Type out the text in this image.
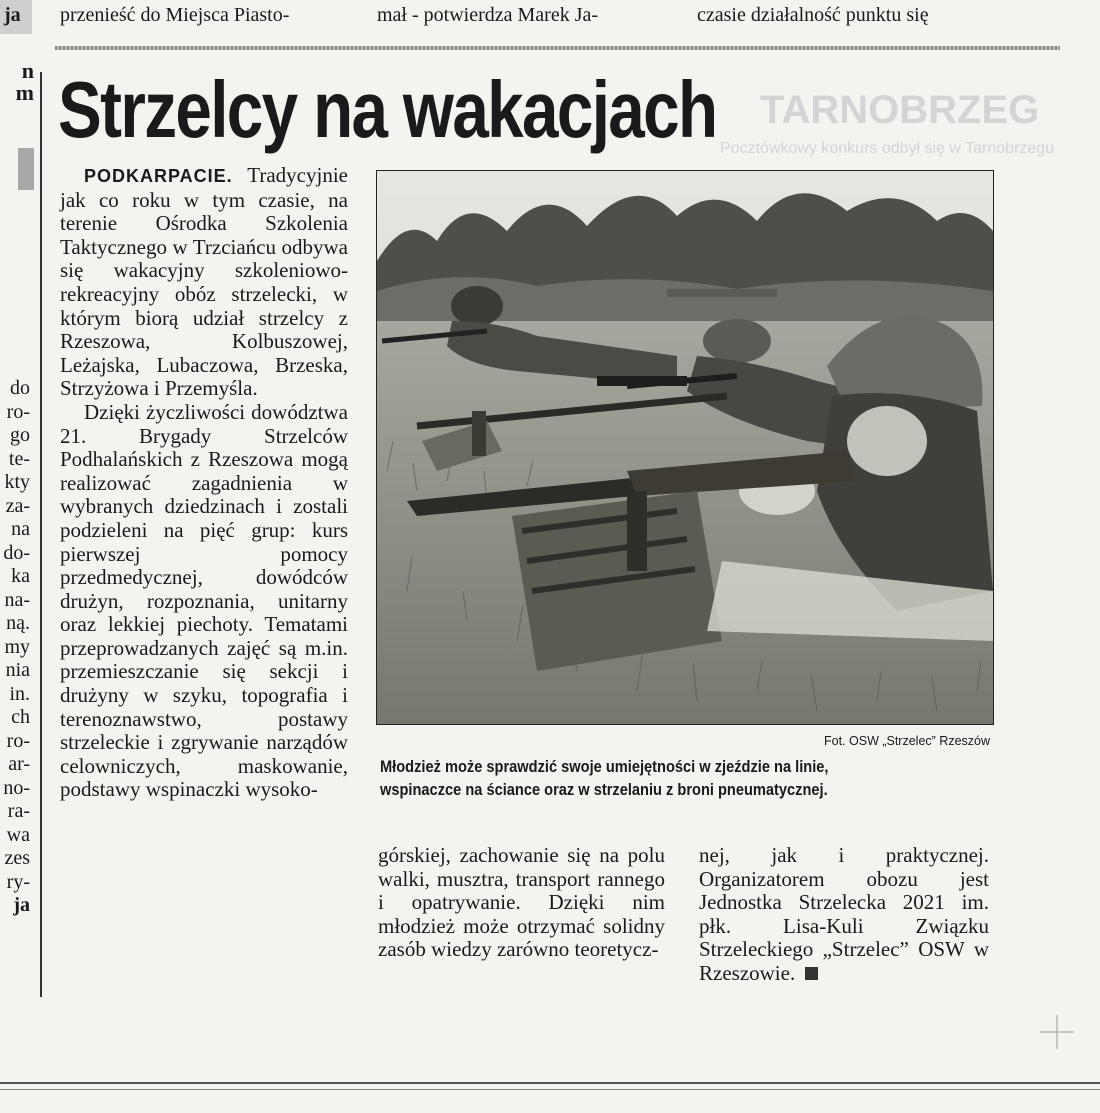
ja	przenieść do Miejsca Piasto-	mał - potwierdza Marek Ja-	czasie działalność punktu się
n
m
do
ro-
go
te-
kty
za-
na
do-
ka
na-
ną.
my
nia
in.
ch
ro-
ar-
no-
ra-
wa
zes
ry-
ja
TARNOBRZEG
Pocztówkowy konkurs odbył się w Tarnobrzegu
Strzelcy na wakacjach

PODKARPACIE. Tradycyjnie jak co roku w tym czasie, na terenie Ośrodka Szkolenia Taktycznego w Trzciańcu odbywa się wakacyjny szkoleniowo-rekreacyjny obóz strzelecki, w którym biorą udział strzelcy z Rzeszowa, Kolbuszowej, Leżajska, Lubaczowa, Brzeska, Strzyżowa i Przemyśla.

Dzięki życzliwości dowództwa 21. Brygady Strzelców Podhalańskich z Rzeszowa mogą realizować zagadnienia w wybranych dziedzinach i zostali podzieleni na pięć grup: kurs pierwszej pomocy przedmedycznej, dowódców drużyn, rozpoznania, unitarny oraz lekkiej piechoty. Tematami przeprowadzanych zajęć są m.in. przemieszczanie się sekcji i drużyny w szyku, topografia i terenoznawstwo, postawy strzeleckie i zgrywanie narządów celowniczych, maskowanie, podstawy wspinaczki wysoko-

Fot. OSW „Strzelec” Rzeszów
Młodzież może sprawdzić swoje umiejętności w zjeździe na linie, wspinaczce na ściance oraz w strzelaniu z broni pneumatycznej.

górskiej, zachowanie się na polu walki, musztra, transport rannego i opatrywanie. Dzięki nim młodzież może otrzymać solidny zasób wiedzy zarówno teoretycz-

nej, jak i praktycznej. Organizatorem obozu jest Jednostka Strzelecka 2021 im. płk. Lisa-Kuli Związku Strzeleckiego „Strzelec” OSW w Rzeszowie.
